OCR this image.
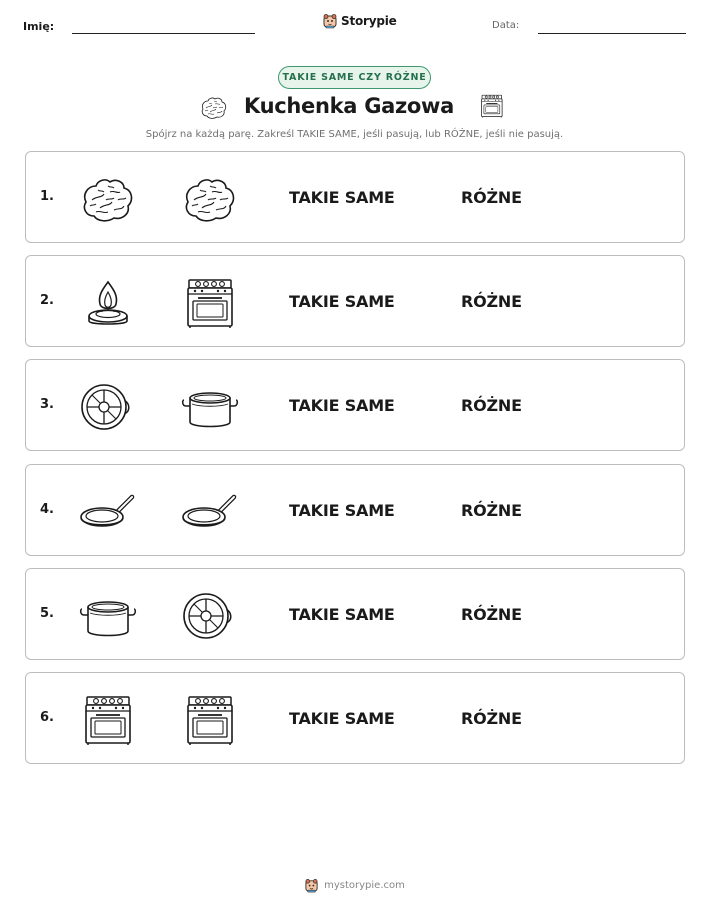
Imię:	Storypie	Data:
TAKIE SAME CZY RÓŻNE
Kuchenka Gazowa
Spójrz na każdą parę. Zakreśl TAKIE SAME, jeśli pasują, lub RÓŻNE, jeśli nie pasują.
1.	TAKIE SAME	RÓŻNE
2.	TAKIE SAME	RÓŻNE
3.	TAKIE SAME	RÓŻNE
4.	TAKIE SAME	RÓŻNE
5.	TAKIE SAME	RÓŻNE
6.	TAKIE SAME	RÓŻNE
mystorypie.com
